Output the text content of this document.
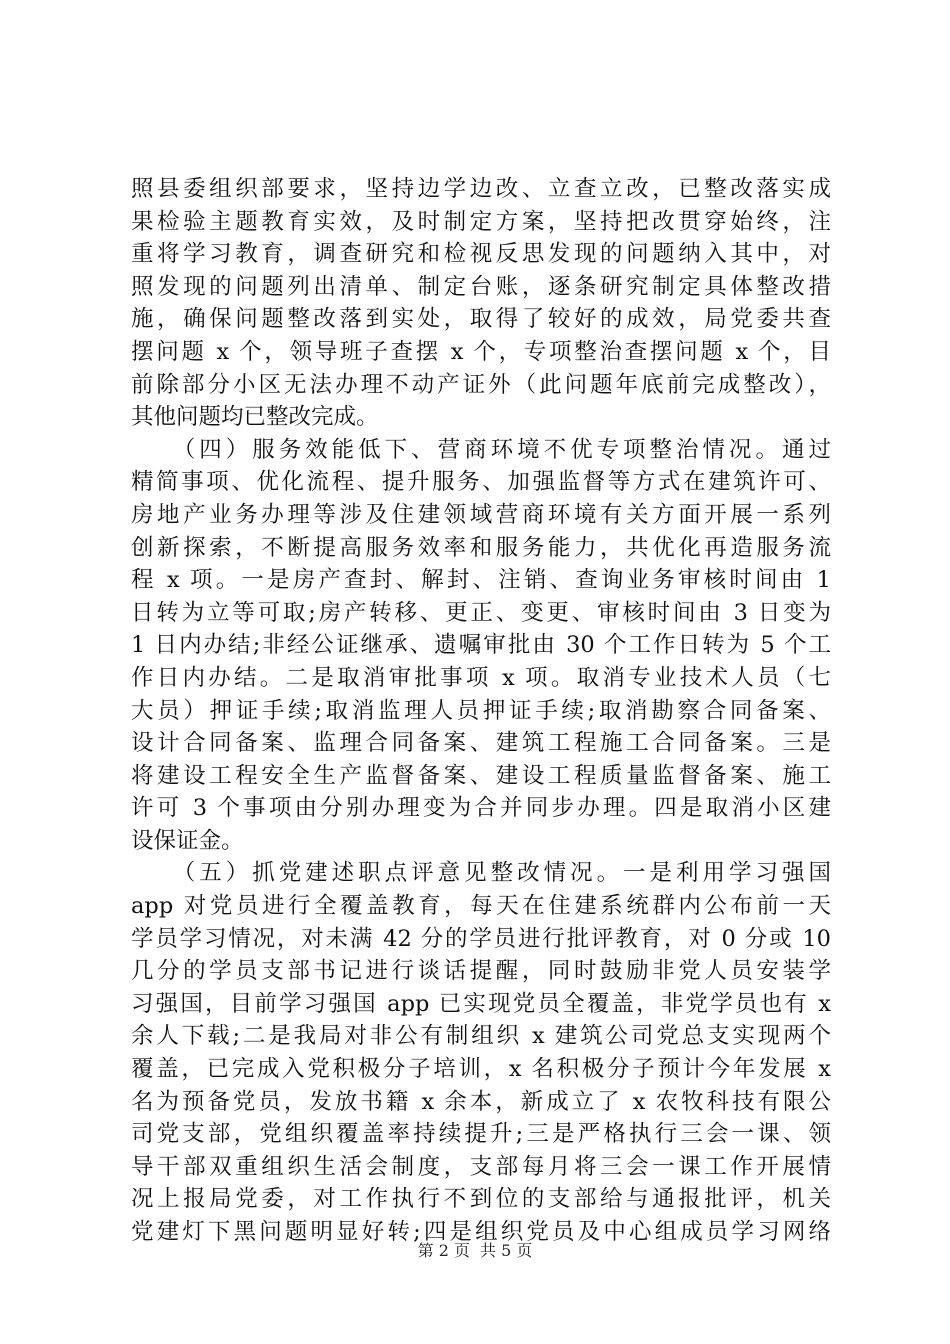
照县委组织部要求，坚持边学边改、立查立改，已整改落实成
果检验主题教育实效，及时制定方案，坚持把改贯穿始终，注
重将学习教育，调查研究和检视反思发现的问题纳入其中，对
照发现的问题列出清单、制定台账，逐条研究制定具体整改措
施，确保问题整改落到实处，取得了较好的成效，局党委共查
摆问题 x 个，领导班子查摆 x 个，专项整治查摆问题 x 个，目
前除部分小区无法办理不动产证外（此问题年底前完成整改），
其他问题均已整改完成。
　　（四）服务效能低下、营商环境不优专项整治情况。通过
精简事项、优化流程、提升服务、加强监督等方式在建筑许可、
房地产业务办理等涉及住建领域营商环境有关方面开展一系列
创新探索，不断提高服务效率和服务能力，共优化再造服务流
程 x 项。一是房产查封、解封、注销、查询业务审核时间由 1
日转为立等可取;房产转移、更正、变更、审核时间由 3 日变为
1 日内办结;非经公证继承、遗嘱审批由 30 个工作日转为 5 个工
作日内办结。二是取消审批事项 x 项。取消专业技术人员（七
大员）押证手续;取消监理人员押证手续;取消勘察合同备案、
设计合同备案、监理合同备案、建筑工程施工合同备案。三是
将建设工程安全生产监督备案、建设工程质量监督备案、施工
许可 3 个事项由分别办理变为合并同步办理。四是取消小区建
设保证金。
　　（五）抓党建述职点评意见整改情况。一是利用学习强国
app 对党员进行全覆盖教育，每天在住建系统群内公布前一天
学员学习情况，对未满 42 分的学员进行批评教育，对 0 分或 10
几分的学员支部书记进行谈话提醒，同时鼓励非党人员安装学
习强国，目前学习强国 app 已实现党员全覆盖，非党学员也有 x
余人下载;二是我局对非公有制组织 x 建筑公司党总支实现两个
覆盖，已完成入党积极分子培训，x 名积极分子预计今年发展 x
名为预备党员，发放书籍 x 余本，新成立了 x 农牧科技有限公
司党支部，党组织覆盖率持续提升;三是严格执行三会一课、领
导干部双重组织生活会制度，支部每月将三会一课工作开展情
况上报局党委，对工作执行不到位的支部给与通报批评，机关
党建灯下黑问题明显好转;四是组织党员及中心组成员学习网络
第 2 页 共 5 页
